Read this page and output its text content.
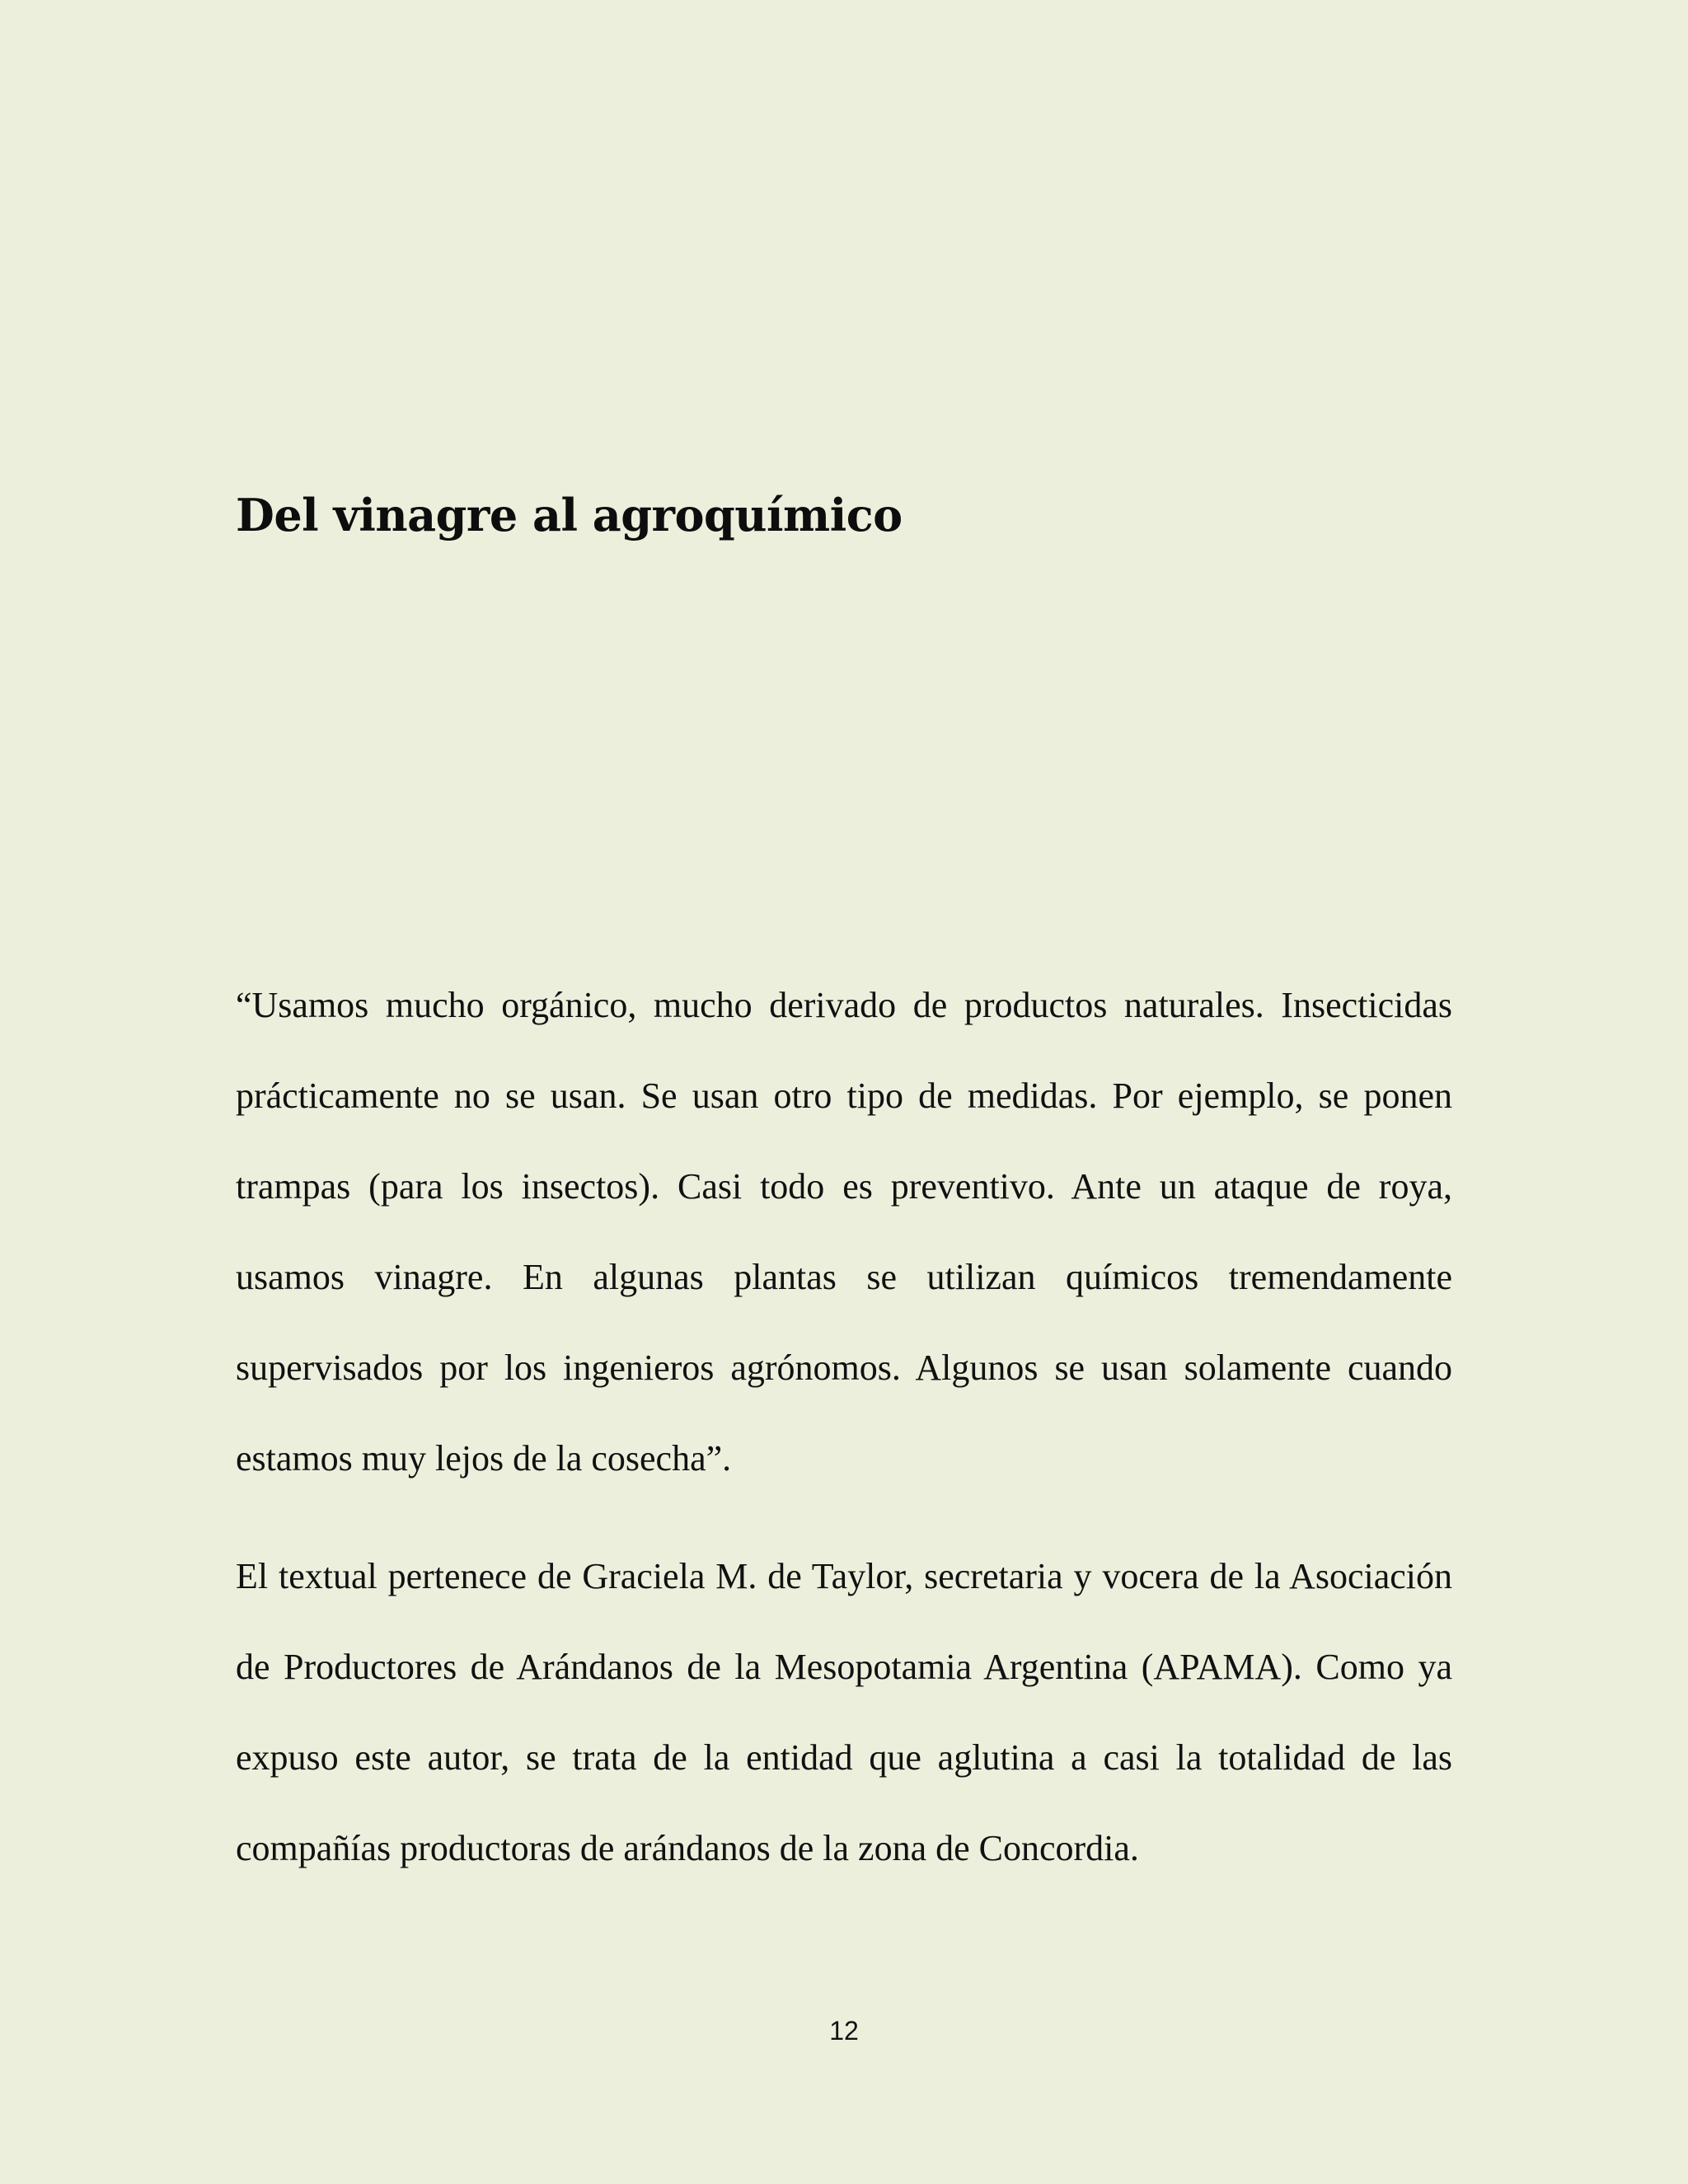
Del vinagre al agroquímico

“Usamos mucho orgánico, mucho derivado de productos naturales. Insecticidas prácticamente no se usan. Se usan otro tipo de medidas. Por ejemplo, se ponen trampas (para los insectos). Casi todo es preventivo. Ante un ataque de roya, usamos vinagre. En algunas plantas se utilizan químicos tremendamente supervisados por los ingenieros agrónomos. Algunos se usan solamente cuando estamos muy lejos de la cosecha”.

El textual pertenece de Graciela M. de Taylor, secretaria y vocera de la Asociación de Productores de Arándanos de la Mesopotamia Argentina (APAMA). Como ya expuso este autor, se trata de la entidad que aglutina a casi la totalidad de las compañías productoras de arándanos de la zona de Concordia.

12
